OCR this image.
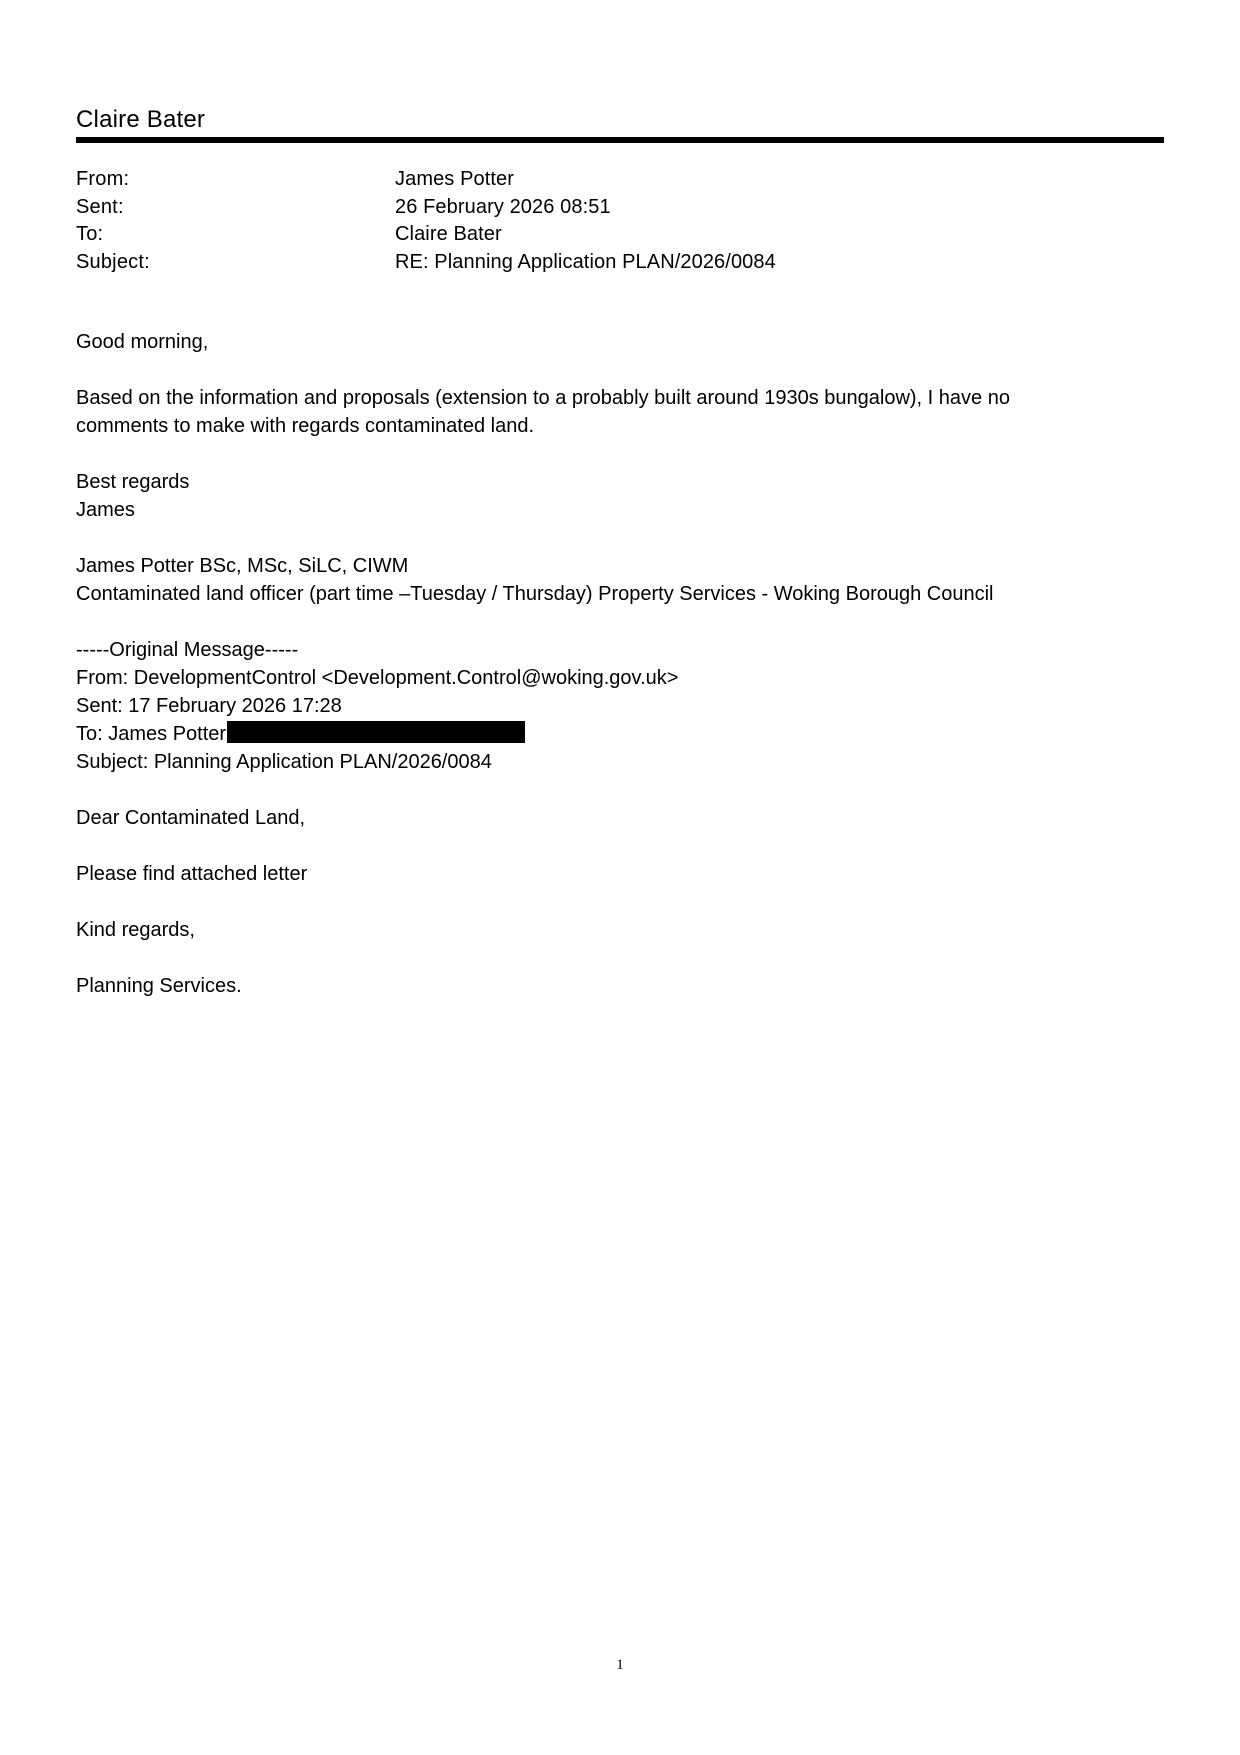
Claire Bater
From:	James Potter
Sent:	26 February 2026 08:51
To:	Claire Bater
Subject:	RE: Planning Application PLAN/2026/0084

Good morning,

Based on the information and proposals (extension to a probably built around 1930s bungalow), I have no

comments to make with regards contaminated land.

Best regards

James

James Potter BSc, MSc, SiLC, CIWM

Contaminated land officer (part time –Tuesday / Thursday) Property Services - Woking Borough Council

-----Original Message-----

From: DevelopmentControl <Development.Control@woking.gov.uk>

Sent: 17 February 2026 17:28

To: James Potter

Subject: Planning Application PLAN/2026/0084

Dear Contaminated Land,

Please find attached letter

Kind regards,

Planning Services.

1
